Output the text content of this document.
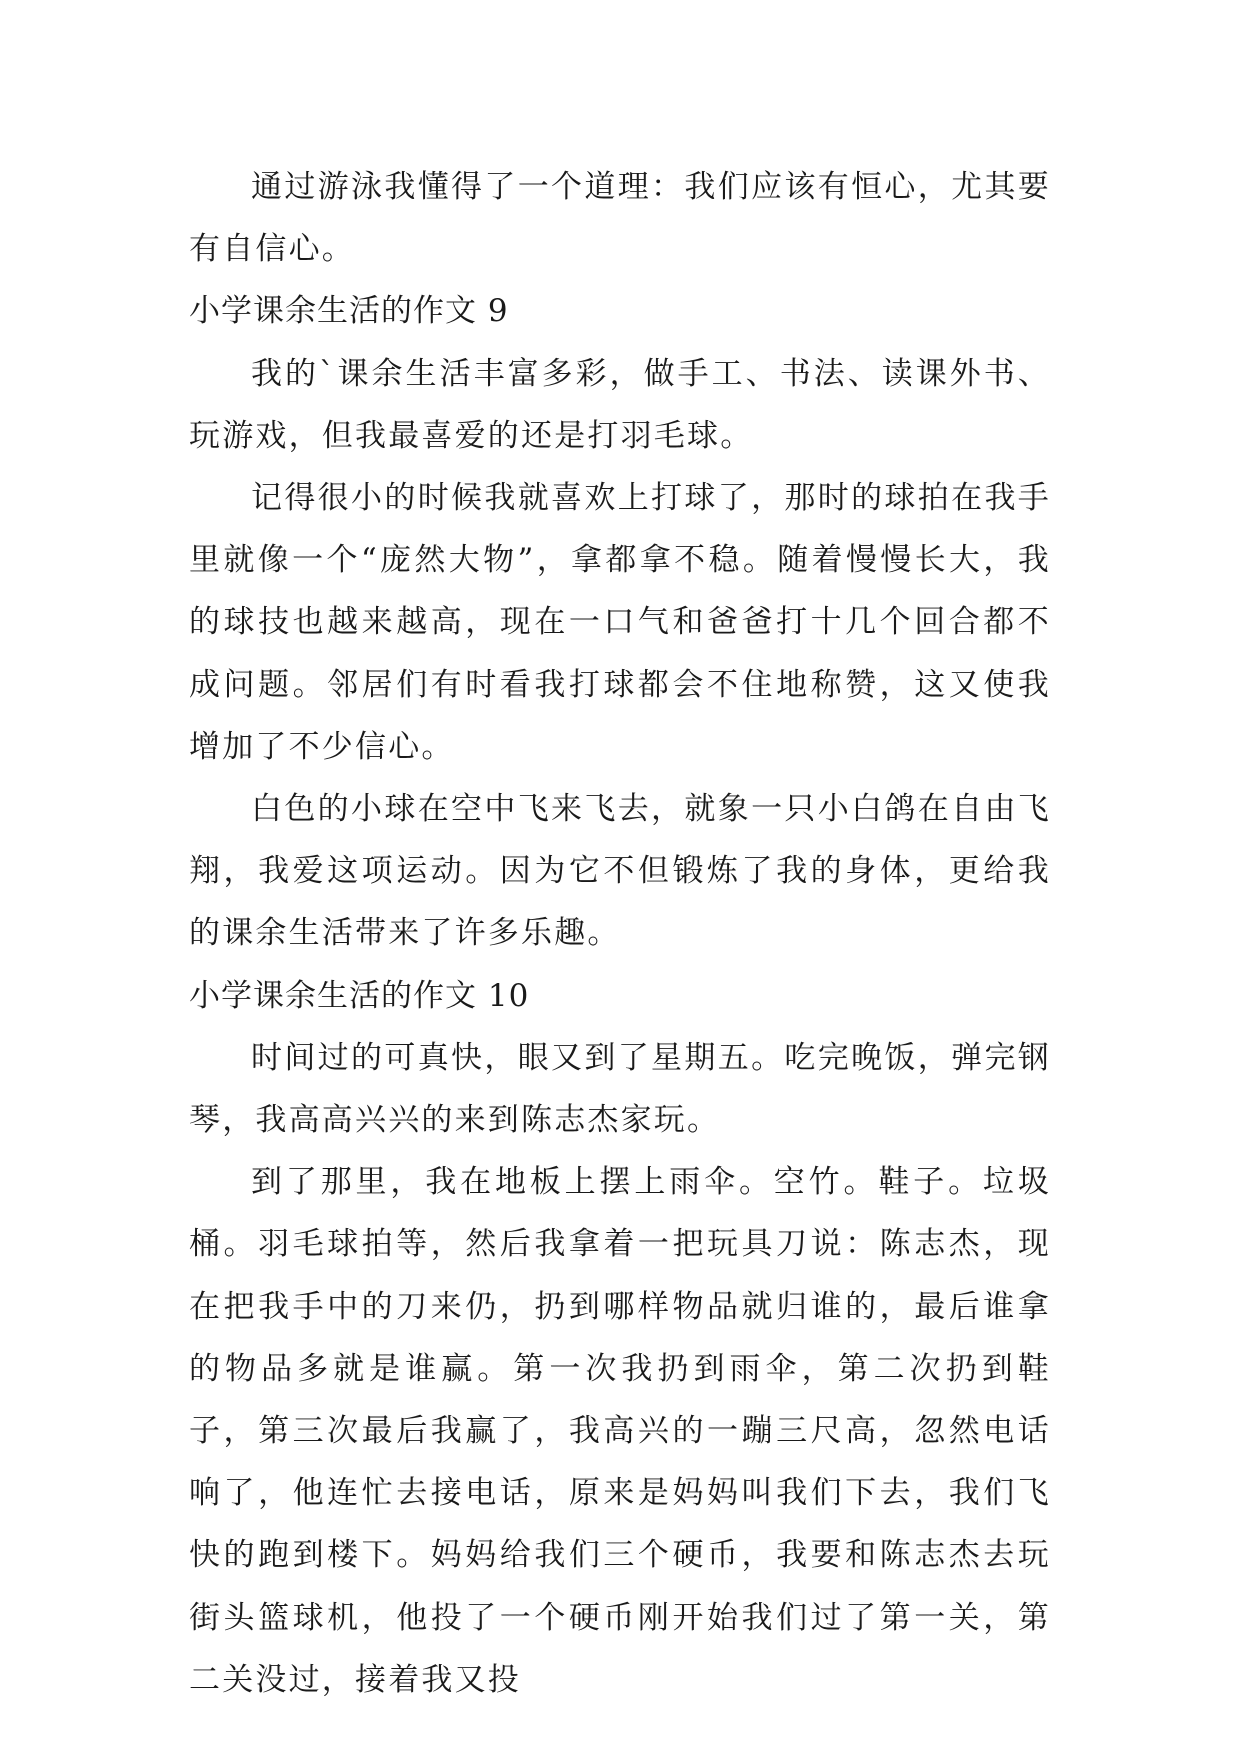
通过游泳我懂得了一个道理：我们应该有恒心，尤其要有自信心。

小学课余生活的作文 9

我的`课余生活丰富多彩，做手工、书法、读课外书、玩游戏，但我最喜爱的还是打羽毛球。

记得很小的时候我就喜欢上打球了，那时的球拍在我手里就像一个“庞然大物”，拿都拿不稳。随着慢慢长大，我的球技也越来越高，现在一口气和爸爸打十几个回合都不成问题。邻居们有时看我打球都会不住地称赞，这又使我增加了不少信心。

白色的小球在空中飞来飞去，就象一只小白鸽在自由飞翔，我爱这项运动。因为它不但锻炼了我的身体，更给我的课余生活带来了许多乐趣。

小学课余生活的作文 10

时间过的可真快，眼又到了星期五。吃完晚饭，弹完钢琴，我高高兴兴的来到陈志杰家玩。

到了那里，我在地板上摆上雨伞。空竹。鞋子。垃圾桶。羽毛球拍等，然后我拿着一把玩具刀说：陈志杰，现在把我手中的刀来仍，扔到哪样物品就归谁的，最后谁拿的物品多就是谁赢。第一次我扔到雨伞，第二次扔到鞋子，第三次最后我赢了，我高兴的一蹦三尺高，忽然电话响了，他连忙去接电话，原来是妈妈叫我们下去，我们飞快的跑到楼下。妈妈给我们三个硬币，我要和陈志杰去玩街头篮球机，他投了一个硬币刚开始我们过了第一关，第二关没过，接着我又投
